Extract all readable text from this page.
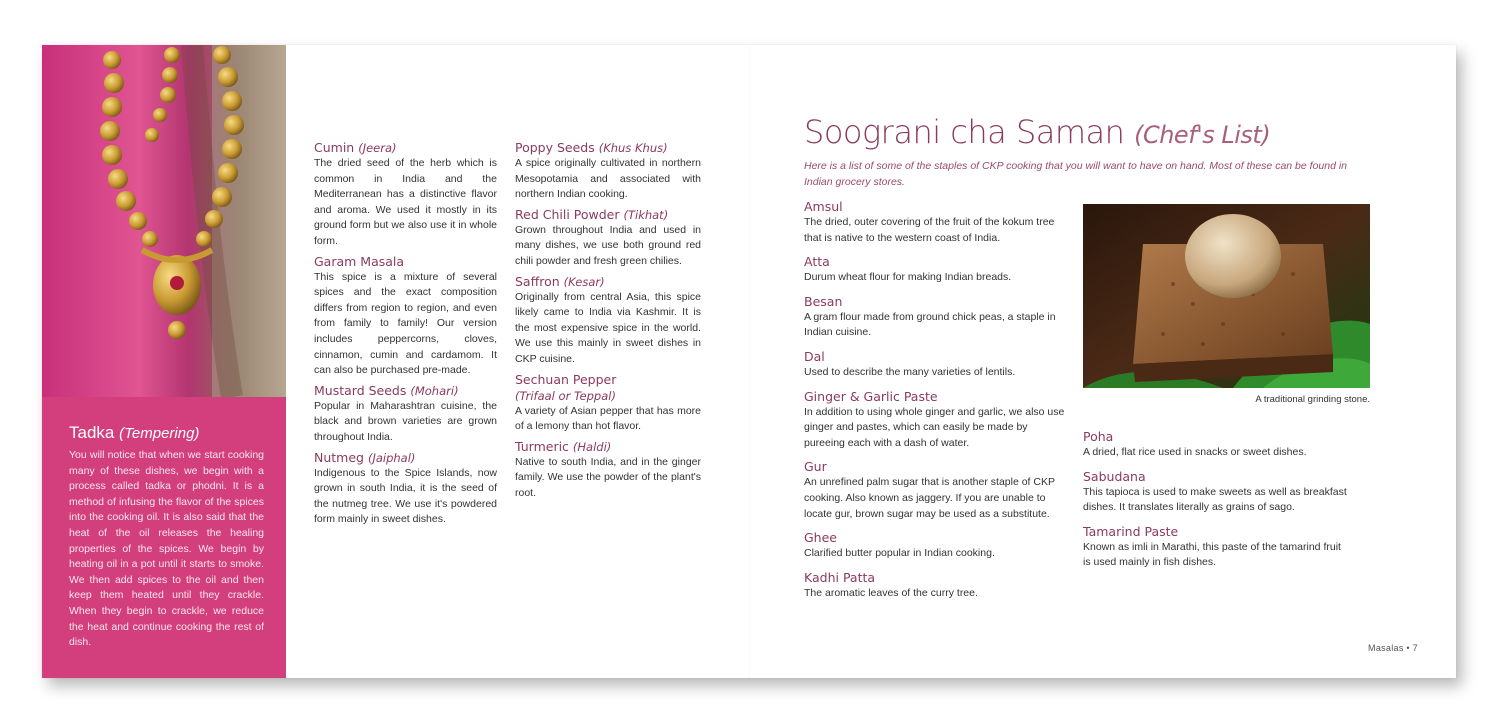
Tadka (Tempering)

You will notice that when we start cooking many of these dishes, we begin with a process called tadka or phodni. It is a method of infusing the flavor of the spices into the cooking oil. It is also said that the heat of the oil releases the healing properties of the spices. We begin by heating oil in a pot until it starts to smoke. We then add spices to the oil and then keep them heated until they crackle. When they begin to crackle, we reduce the heat and continue cooking the rest of dish.

Cumin (Jeera)

The dried seed of the herb which is common in India and the Mediterranean has a distinctive flavor and aroma. We used it mostly in its ground form but we also use it in whole form.

Garam Masala

This spice is a mixture of several spices and the exact composition differs from region to region, and even from family to family! Our version includes peppercorns, cloves, cinnamon, cumin and cardamom. It can also be purchased pre-made.

Mustard Seeds (Mohari)

Popular in Maharashtran cuisine, the black and brown varieties are grown throughout India.

Nutmeg (Jaiphal)

Indigenous to the Spice Islands, now grown in south India, it is the seed of the nutmeg tree. We use it's powdered form mainly in sweet dishes.

Poppy Seeds (Khus Khus)

A spice originally cultivated in northern Mesopotamia and associated with northern Indian cooking.

Red Chili Powder (Tikhat)

Grown throughout India and used in many dishes, we use both ground red chili powder and fresh green chilies.

Saffron (Kesar)

Originally from central Asia, this spice likely came to India via Kashmir. It is the most expensive spice in the world. We use this mainly in sweet dishes in CKP cuisine.

Sechuan Pepper
(Trifaal or Teppal)

A variety of Asian pepper that has more of a lemony than hot flavor.

Turmeric (Haldi)

Native to south India, and in the ginger family. We use the powder of the plant's root.

Soograni cha Saman (Chef's List)

Here is a list of some of the staples of CKP cooking that you will want to have on hand. Most of these can be found in Indian grocery stores.

Amsul

The dried, outer covering of the fruit of the kokum tree that is native to the western coast of India.

Atta

Durum wheat flour for making Indian breads.

Besan

A gram flour made from ground chick peas, a staple in Indian cuisine.

Dal

Used to describe the many varieties of lentils.

Ginger & Garlic Paste

In addition to using whole ginger and garlic, we also use ginger and pastes, which can easily be made by pureeing each with a dash of water.

Gur

An unrefined palm sugar that is another staple of CKP cooking. Also known as jaggery. If you are unable to locate gur, brown sugar may be used as a substitute.

Ghee

Clarified butter popular in Indian cooking.

Kadhi Patta

The aromatic leaves of the curry tree.

A traditional grinding stone.
Poha

A dried, flat rice used in snacks or sweet dishes.

Sabudana

This tapioca is used to make sweets as well as breakfast dishes. It translates literally as grains of sago.

Tamarind Paste

Known as imli in Marathi, this paste of the tamarind fruit is used mainly in fish dishes.

Masalas • 7
